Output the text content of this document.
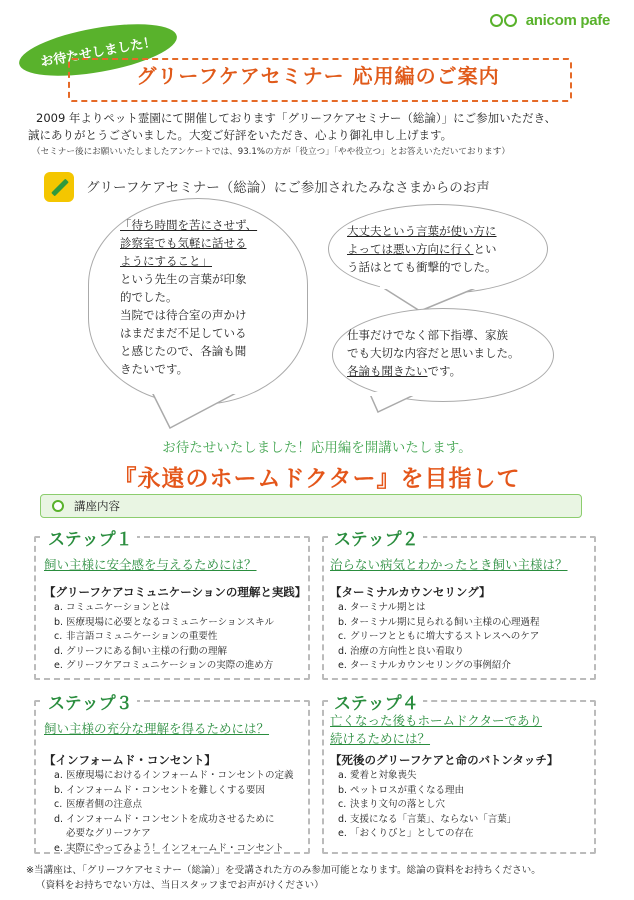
anicom pafe
お待たせしました！
グリーフケアセミナー 応用編のご案内
2009 年よりペット霊園にて開催しております「グリーフケアセミナー（総論）」にご参加いただき、
誠にありがとうございました。大変ご好評をいただき、心より御礼申し上げます。
（セミナー後にお願いいたしましたアンケートでは、93.1%の方が「役立つ」「やや役立つ」とお答えいただいております）
グリーフケアセミナー（総論）にご参加されたみなさまからのお声
「待ち時間を苦にさせず、
診察室でも気軽に話せる
ようにすること」
という先生の言葉が印象
的でした。
当院では待合室の声かけ
はまだまだ不足している
と感じたので、各論も聞
きたいです。
大丈夫という言葉が使い方に
よっては悪い方向に行くとい
う話はとても衝撃的でした。
仕事だけでなく部下指導、家族
でも大切な内容だと思いました。
各論も聞きたいです。
お待たせいたしました！応用編を開講いたします。
『永遠のホームドクター』を目指して
講座内容
ステップ１
飼い主様に安全感を与えるためには？
【グリーフケアコミュニケーションの理解と実践】
a. コミュニケーションとは
b. 医療現場に必要となるコミュニケーションスキル
c. 非言語コミュニケーションの重要性
d. グリーフにある飼い主様の行動の理解
e. グリーフケアコミュニケーションの実際の進め方
ステップ２
治らない病気とわかったとき飼い主様は？
【ターミナルカウンセリング】
a. ターミナル期とは
b. ターミナル期に見られる飼い主様の心理過程
c. グリーフとともに増大するストレスへのケア
d. 治療の方向性と良い看取り
e. ターミナルカウンセリングの事例紹介
ステップ３
飼い主様の充分な理解を得るためには？
【インフォームド・コンセント】
a. 医療現場におけるインフォームド・コンセントの定義
b. インフォームド・コンセントを難しくする要因
c. 医療者側の注意点
d. インフォームド・コンセントを成功させるために
必要なグリーフケア
e. 実際にやってみよう！インフォームド・コンセント
ステップ４
亡くなった後もホームドクターであり
続けるためには？
【死後のグリーフケアと命のバトンタッチ】
a. 愛着と対象喪失
b. ペットロスが重くなる理由
c. 決まり文句の落とし穴
d. 支援になる「言葉」、ならない「言葉」
e. 「おくりびと」としての存在
※当講座は、「グリーフケアセミナー（総論）」を受講された方のみ参加可能となります。総論の資料をお持ちください。
（資料をお持ちでない方は、当日スタッフまでお声がけください）
